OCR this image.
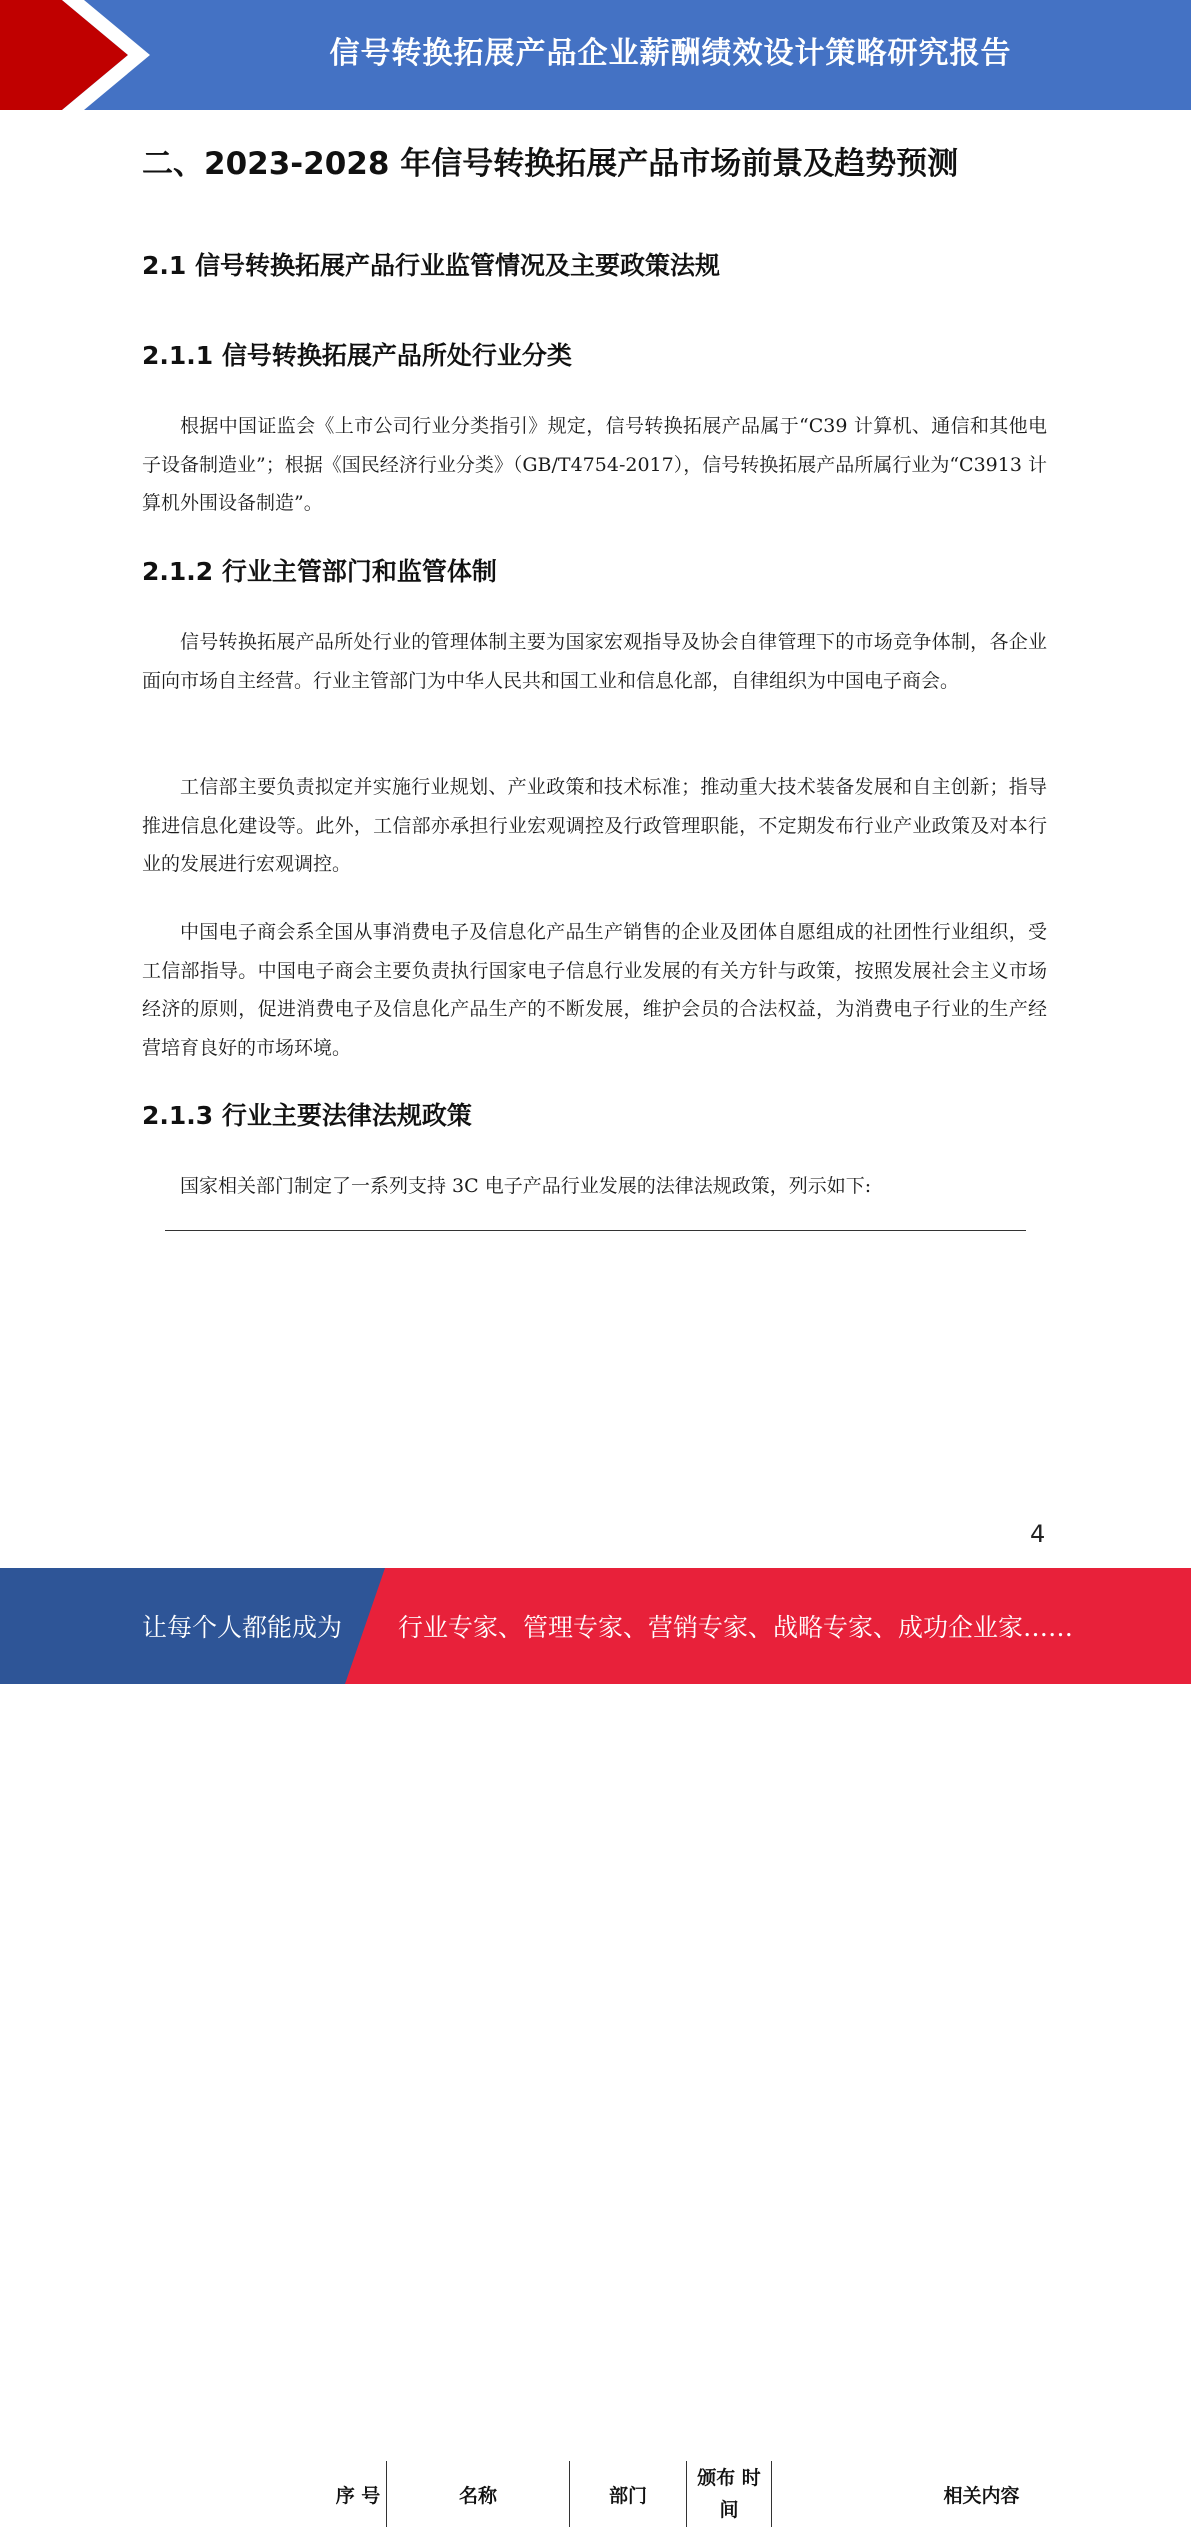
信号转换拓展产品企业薪酬绩效设计策略研究报告
二、2023-2028 年信号转换拓展产品市场前景及趋势预测
2.1 信号转换拓展产品行业监管情况及主要政策法规
2.1.1 信号转换拓展产品所处行业分类
根据中国证监会《上市公司行业分类指引》规定，信号转换拓展产品属于“C39 计算机、通信和其他电子设备制造业”；根据《国民经济行业分类》（GB/T4754-2017），信号转换拓展产品所属行业为“C3913 计算机外围设备制造”。
2.1.2 行业主管部门和监管体制
信号转换拓展产品所处行业的管理体制主要为国家宏观指导及协会自律管理下的市场竞争体制，各企业面向市场自主经营。行业主管部门为中华人民共和国工业和信息化部，自律组织为中国电子商会。
工信部主要负责拟定并实施行业规划、产业政策和技术标准；推动重大技术装备发展和自主创新；指导推进信息化建设等。此外，工信部亦承担行业宏观调控及行政管理职能，不定期发布行业产业政策及对本行业的发展进行宏观调控。
中国电子商会系全国从事消费电子及信息化产品生产销售的企业及团体自愿组成的社团性行业组织，受工信部指导。中国电子商会主要负责执行国家电子信息行业发展的有关方针与政策，按照发展社会主义市场经济的原则，促进消费电子及信息化产品生产的不断发展，维护会员的合法权益，为消费电子行业的生产经营培育良好的市场环境。
2.1.3 行业主要法律法规政策
国家相关部门制定了一系列支持 3C 电子产品行业发展的法律法规政策，列示如下:
序 号	名称	部门
颁布 时间
相关内容
4
让每个人都能成为 行业专家、管理专家、营销专家、战略专家、成功企业家……
